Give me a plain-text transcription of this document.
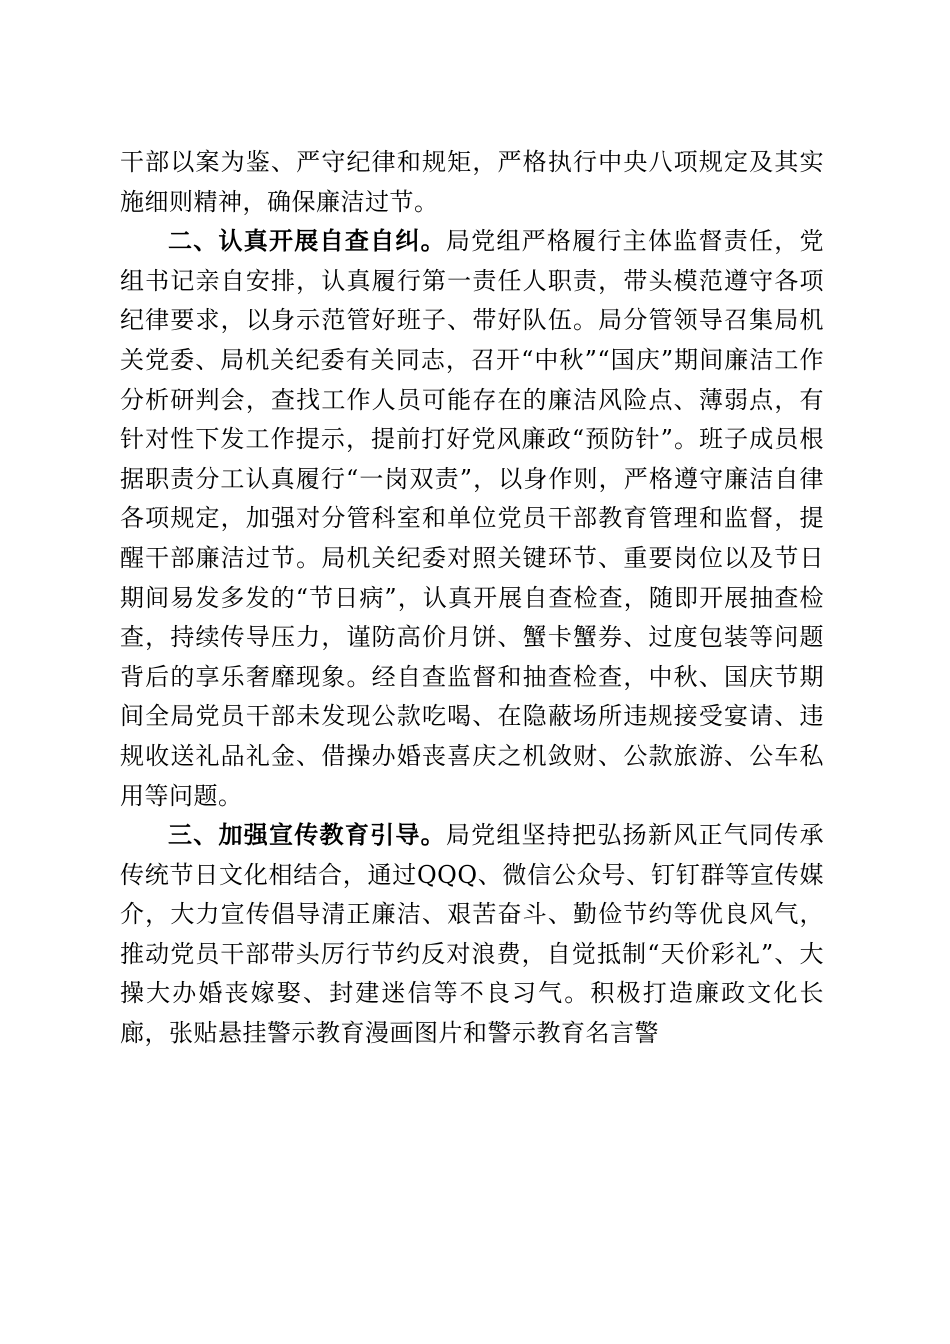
干部以案为鉴、严守纪律和规矩，严格执行中央八项规定及其实施细则精神，确保廉洁过节。

二、认真开展自查自纠。局党组严格履行主体监督责任，党组书记亲自安排，认真履行第一责任人职责，带头模范遵守各项纪律要求，以身示范管好班子、带好队伍。局分管领导召集局机关党委、局机关纪委有关同志，召开“中秋”“国庆”期间廉洁工作分析研判会，查找工作人员可能存在的廉洁风险点、薄弱点，有针对性下发工作提示，提前打好党风廉政“预防针”。班子成员根据职责分工认真履行“一岗双责”，以身作则，严格遵守廉洁自律各项规定，加强对分管科室和单位党员干部教育管理和监督，提醒干部廉洁过节。局机关纪委对照关键环节、重要岗位以及节日期间易发多发的“节日病”，认真开展自查检查，随即开展抽查检查，持续传导压力，谨防高价月饼、蟹卡蟹券、过度包装等问题背后的享乐奢靡现象。经自查监督和抽查检查，中秋、国庆节期间全局党员干部未发现公款吃喝、在隐蔽场所违规接受宴请、违规收送礼品礼金、借操办婚丧喜庆之机敛财、公款旅游、公车私用等问题。

三、加强宣传教育引导。局党组坚持把弘扬新风正气同传承传统节日文化相结合，通过QQQ、微信公众号、钉钉群等宣传媒介，大力宣传倡导清正廉洁、艰苦奋斗、勤俭节约等优良风气，推动党员干部带头厉行节约反对浪费，自觉抵制“天价彩礼”、大操大办婚丧嫁娶、封建迷信等不良习气。积极打造廉政文化长廊，张贴悬挂警示教育漫画图片和警示教育名言警
